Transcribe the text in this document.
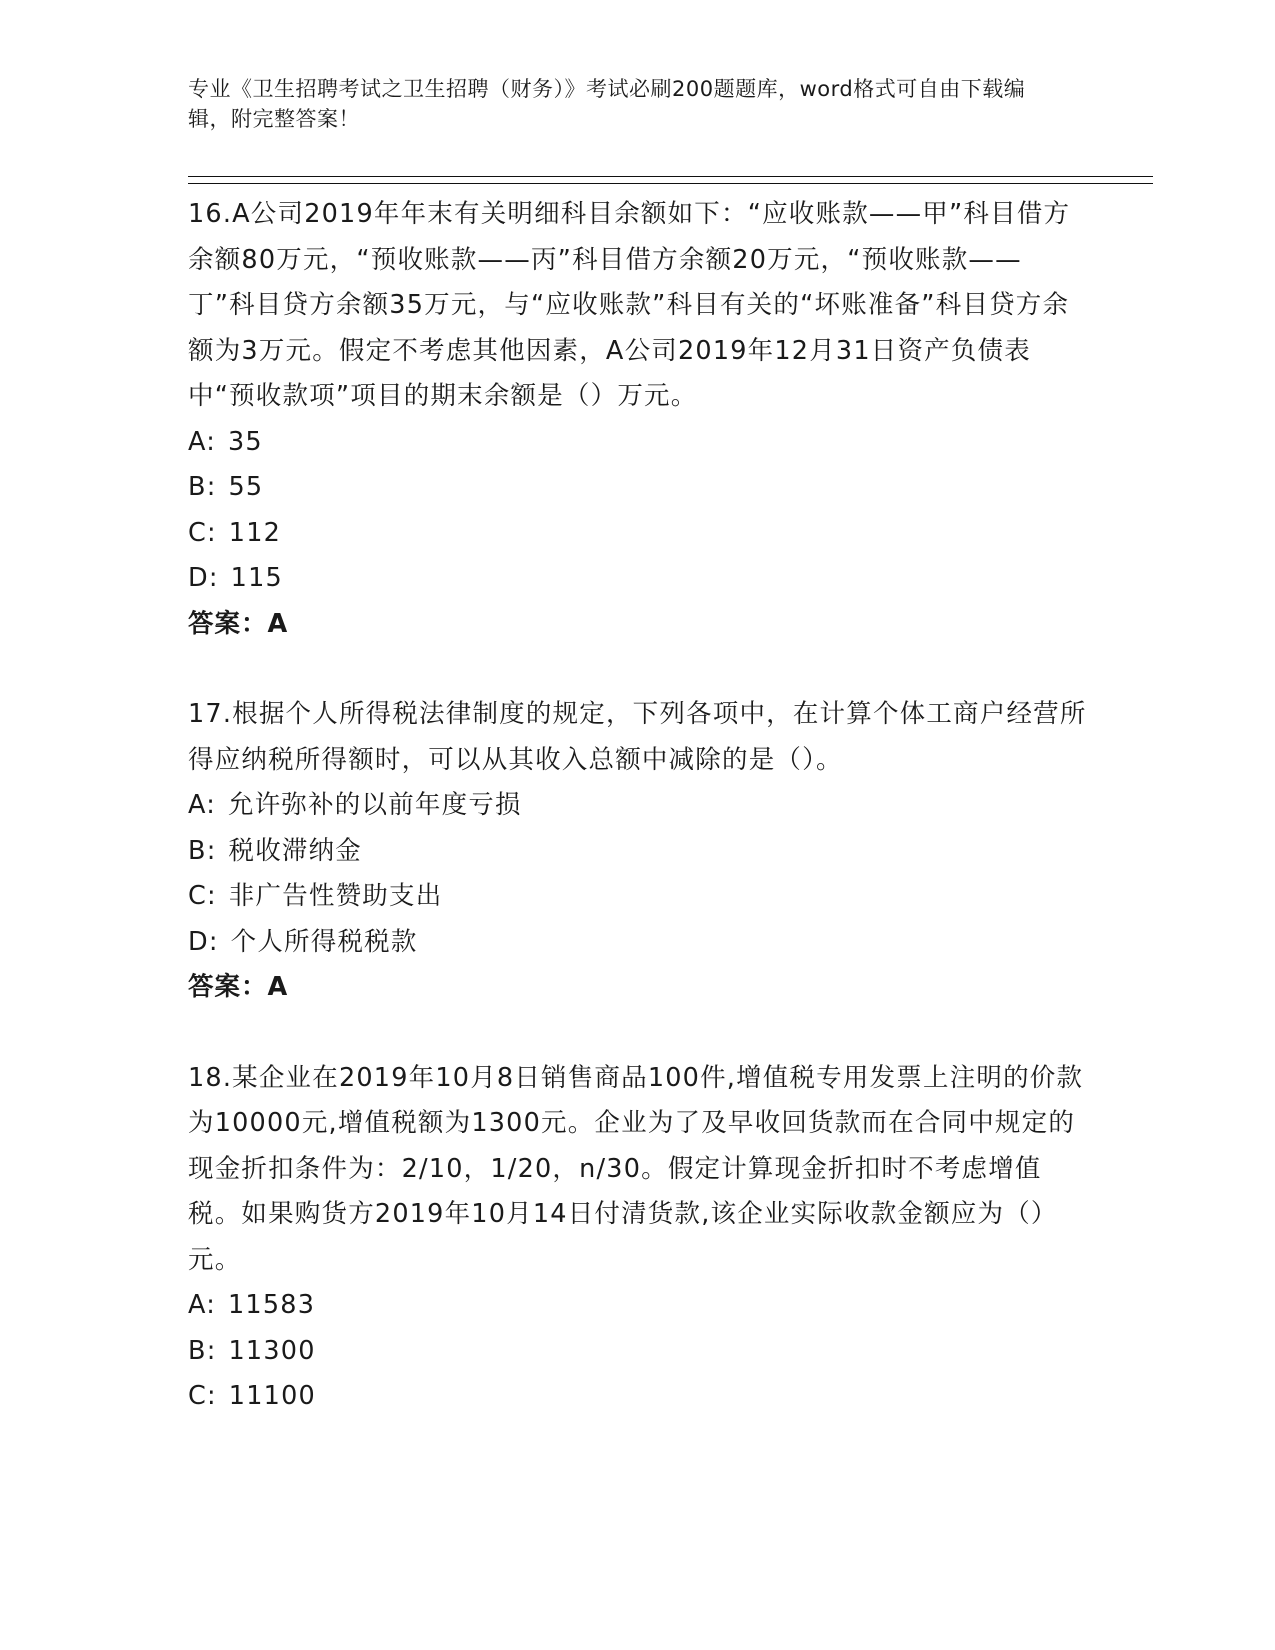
专业《卫生招聘考试之卫生招聘（财务）》考试必刷200题题库，word格式可自由下载编辑，附完整答案！

16.A公司2019年年末有关明细科目余额如下：“应收账款——甲”科目借方余额80万元，“预收账款——丙”科目借方余额20万元，“预收账款——丁”科目贷方余额35万元，与“应收账款”科目有关的“坏账准备”科目贷方余额为3万元。假定不考虑其他因素，A公司2019年12月31日资产负债表中“预收款项”项目的期末余额是（）万元。

A: 35

B: 55

C: 112

D: 115

答案：A

17.根据个人所得税法律制度的规定，下列各项中，在计算个体工商户经营所得应纳税所得额时，可以从其收入总额中减除的是（）。

A: 允许弥补的以前年度亏损

B: 税收滞纳金

C: 非广告性赞助支出

D: 个人所得税税款

答案：A

18.某企业在2019年10月8日销售商品100件,增值税专用发票上注明的价款为10000元,增值税额为1300元。企业为了及早收回货款而在合同中规定的现金折扣条件为：2/10，1/20，n/30。假定计算现金折扣时不考虑增值税。如果购货方2019年10月14日付清货款,该企业实际收款金额应为（）元。

A: 11583

B: 11300

C: 11100
